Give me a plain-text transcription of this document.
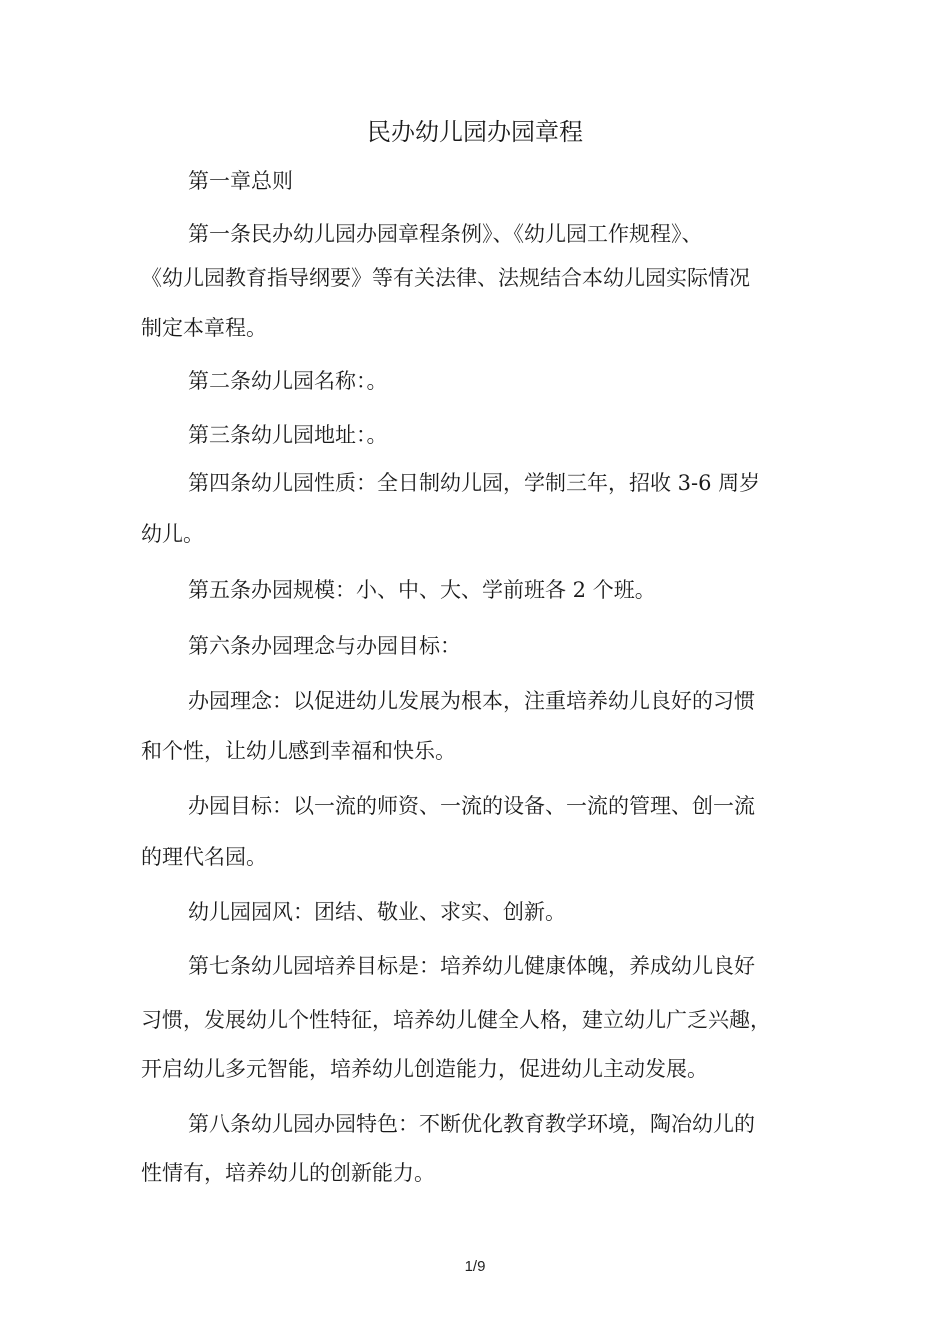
民办幼儿园办园章程
第一章总则
第一条民办幼儿园办园章程条例》、《幼儿园工作规程》、
《幼儿园教育指导纲要》等有关法律、法规结合本幼儿园实际情况
制定本章程。
第二条幼儿园名称：。
第三条幼儿园地址：。
第四条幼儿园性质：全日制幼儿园，学制三年，招收 3-6 周岁
幼儿。
第五条办园规模：小、中、大、学前班各 2 个班。
第六条办园理念与办园目标：
办园理念：以促进幼儿发展为根本，注重培养幼儿良好的习惯
和个性，让幼儿感到幸福和快乐。
办园目标：以一流的师资、一流的设备、一流的管理、创一流
的理代名园。
幼儿园园风：团结、敬业、求实、创新。
第七条幼儿园培养目标是：培养幼儿健康体魄，养成幼儿良好
习惯，发展幼儿个性特征，培养幼儿健全人格，建立幼儿广乏兴趣，
开启幼儿多元智能，培养幼儿创造能力，促进幼儿主动发展。
第八条幼儿园办园特色：不断优化教育教学环境，陶冶幼儿的
性情有，培养幼儿的创新能力。
1/9
